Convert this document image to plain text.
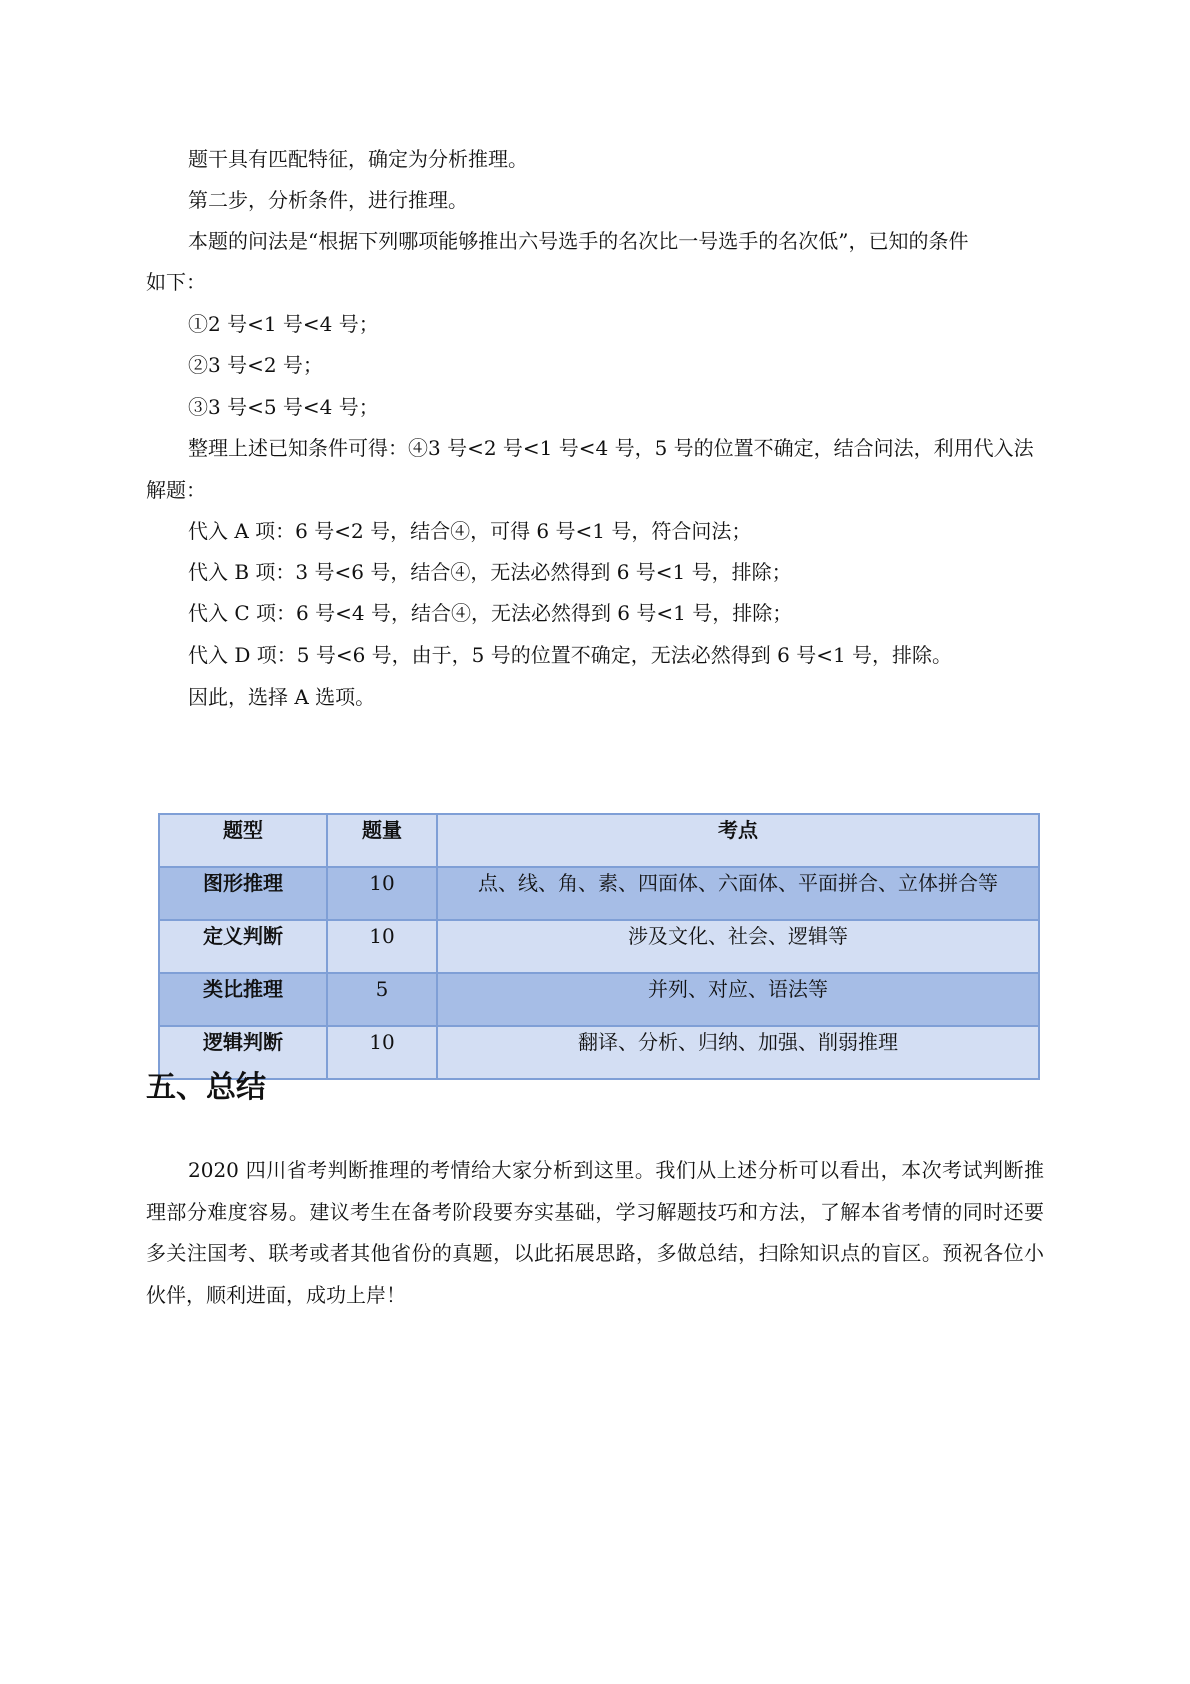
题干具有匹配特征，确定为分析推理。
第二步，分析条件，进行推理。
本题的问法是“根据下列哪项能够推出六号选手的名次比一号选手的名次低”，已知的条件
如下：
①2 号<1 号<4 号；
②3 号<2 号；
③3 号<5 号<4 号；
整理上述已知条件可得：④3 号<2 号<1 号<4 号，5 号的位置不确定，结合问法，利用代入法
解题：
代入 A 项：6 号<2 号，结合④，可得 6 号<1 号，符合问法；
代入 B 项：3 号<6 号，结合④，无法必然得到 6 号<1 号，排除；
代入 C 项：6 号<4 号，结合④，无法必然得到 6 号<1 号，排除；
代入 D 项：5 号<6 号，由于，5 号的位置不确定，无法必然得到 6 号<1 号，排除。
因此，选择 A 选项。
题型	题量	考点
图形推理	10	点、线、角、素、四面体、六面体、平面拼合、立体拼合等
定义判断	10	涉及文化、社会、逻辑等
类比推理	5	并列、对应、语法等
逻辑判断	10	翻译、分析、归纳、加强、削弱推理
五、总结
2020 四川省考判断推理的考情给大家分析到这里。我们从上述分析可以看出，本次考试判断推理部分难度容易。建议考生在备考阶段要夯实基础，学习解题技巧和方法，了解本省考情的同时还要多关注国考、联考或者其他省份的真题，以此拓展思路，多做总结，扫除知识点的盲区。预祝各位小伙伴，顺利进面，成功上岸！
